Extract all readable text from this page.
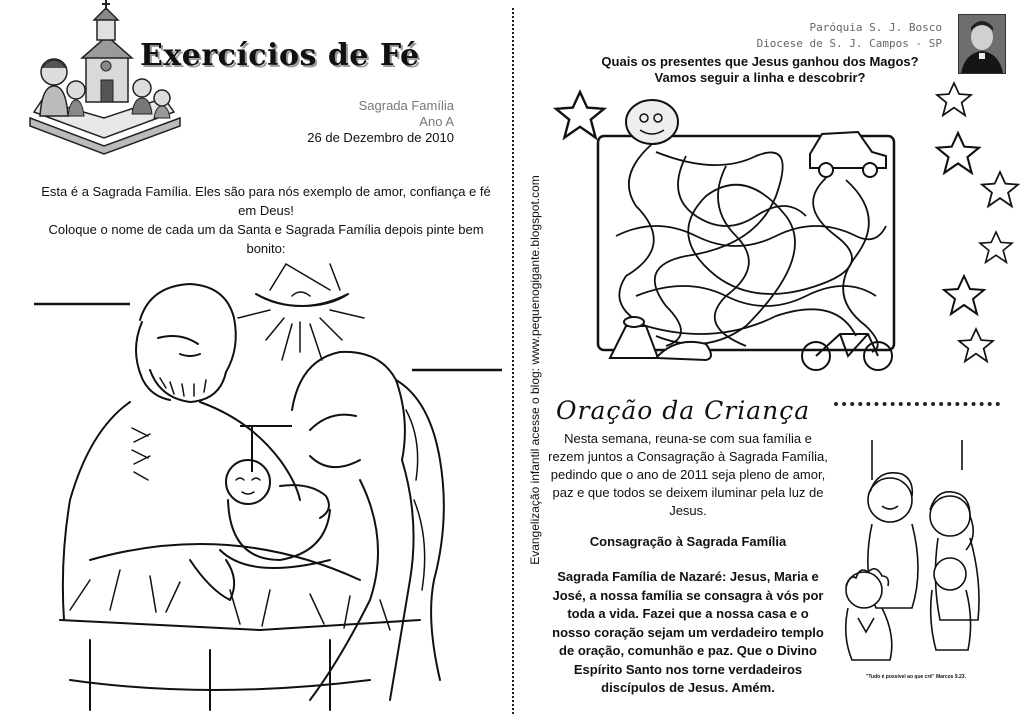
Exercícios de Fé
Sagrada Família
Ano A
26 de Dezembro de 2010
Esta é a Sagrada Família. Eles são para nós exemplo de amor, confiança e fé em Deus!
Coloque o nome de cada um da Santa e Sagrada Família depois pinte bem bonito:	Evangelização infantil acesse o blog: www.pequenogigante.blogspot.com
Paróquia S. J. Bosco
Diocese de S. J. Campos - SP
Quais os presentes que Jesus ganhou dos Magos?
Vamos seguir a linha e descobrir?
Oração da Criança
Nesta semana, reuna-se com sua família e rezem juntos a Consagração à Sagrada Família, pedindo que o ano de 2011 seja pleno de amor, paz e que todos se deixem iluminar pela luz de Jesus.
Consagração à Sagrada Família
Sagrada Família de Nazaré: Jesus, Maria e José, a nossa família se consagra à vós por toda a vida. Fazei que a nossa casa e o nosso coração sejam um verdadeiro templo de oração, comunhão e paz. Que o Divino Espírito Santo nos torne verdadeiros discípulos de Jesus. Amém.
"Tudo é possível ao que crê" Marcos 9.23.
